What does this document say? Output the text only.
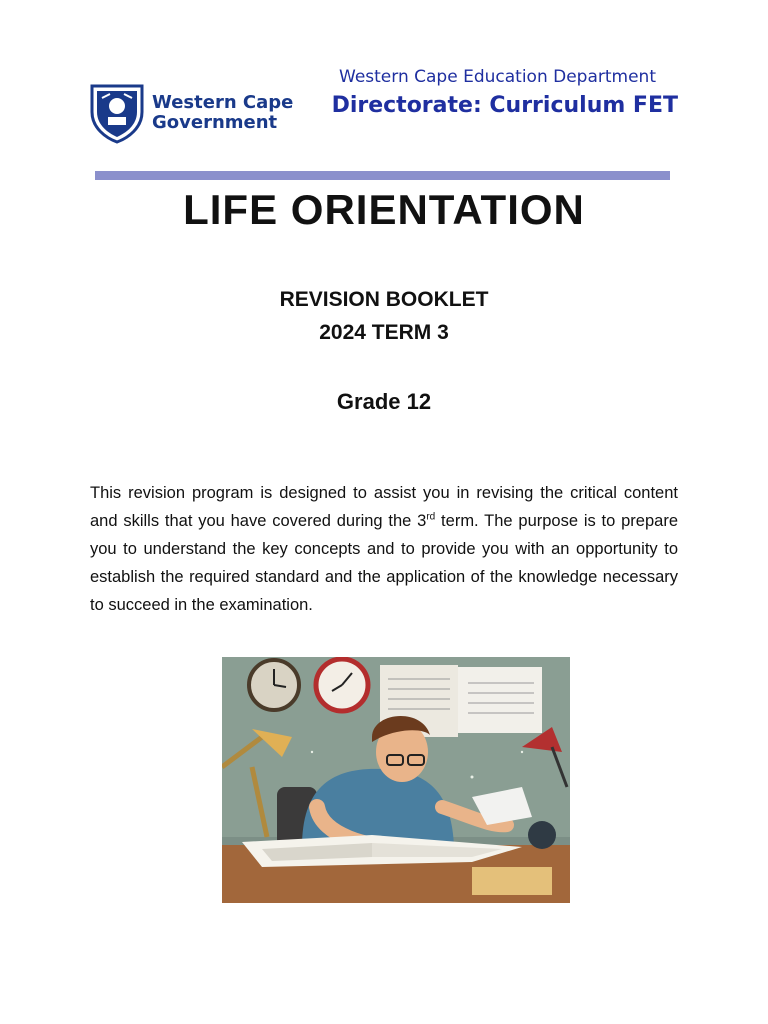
Western Cape
Government
Western Cape Education Department
Directorate: Curriculum FET
LIFE ORIENTATION
REVISION BOOKLET
2024 TERM 3
Grade 12

This revision program is designed to assist you in revising the critical content and skills that you have covered during the 3rd term. The purpose is to prepare you to understand the key concepts and to provide you with an opportunity to establish the required standard and the application of the knowledge necessary to succeed in the examination.
